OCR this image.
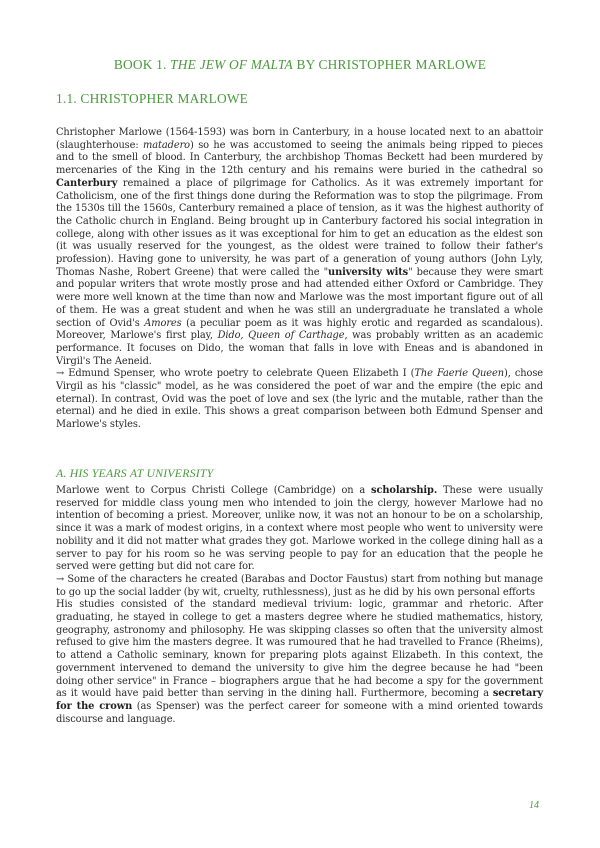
BOOK 1. THE JEW OF MALTA BY CHRISTOPHER MARLOWE
1.1. CHRISTOPHER MARLOWE

Christopher Marlowe (1564-1593) was born in Canterbury, in a house located next to an abattoir (slaughterhouse: matadero) so he was accustomed to seeing the animals being ripped to pieces and to the smell of blood. In Canterbury, the archbishop Thomas Beckett had been murdered by mercenaries of the King in the 12th century and his remains were buried in the cathedral so Canterbury remained a place of pilgrimage for Catholics. As it was extremely important for Catholicism, one of the first things done during the Reformation was to stop the pilgrimage. From the 1530s till the 1560s, Canterbury remained a place of tension, as it was the highest authority of the Catholic church in England. Being brought up in Canterbury factored his social integration in college, along with other issues as it was exceptional for him to get an education as the eldest son (it was usually reserved for the youngest, as the oldest were trained to follow their father's profession). Having gone to university, he was part of a generation of young authors (John Lyly, Thomas Nashe, Robert Greene) that were called the "university wits" because they were smart and popular writers that wrote mostly prose and had attended either Oxford or Cambridge. They were more well known at the time than now and Marlowe was the most important figure out of all of them. He was a great student and when he was still an undergraduate he translated a whole section of Ovid's Amores (a peculiar poem as it was highly erotic and regarded as scandalous). Moreover, Marlowe's first play, Dido, Queen of Carthage, was probably written as an academic performance. It focuses on Dido, the woman that falls in love with Eneas and is abandoned in Virgil's The Aeneid.

→ Edmund Spenser, who wrote poetry to celebrate Queen Elizabeth I (The Faerie Queen), chose Virgil as his "classic" model, as he was considered the poet of war and the empire (the epic and eternal). In contrast, Ovid was the poet of love and sex (the lyric and the mutable, rather than the eternal) and he died in exile. This shows a great comparison between both Edmund Spenser and Marlowe's styles.

A. HIS YEARS AT UNIVERSITY

Marlowe went to Corpus Christi College (Cambridge) on a scholarship. These were usually reserved for middle class young men who intended to join the clergy, however Marlowe had no intention of becoming a priest. Moreover, unlike now, it was not an honour to be on a scholarship, since it was a mark of modest origins, in a context where most people who went to university were nobility and it did not matter what grades they got. Marlowe worked in the college dining hall as a server to pay for his room so he was serving people to pay for an education that the people he served were getting but did not care for.

→ Some of the characters he created (Barabas and Doctor Faustus) start from nothing but manage to go up the social ladder (by wit, cruelty, ruthlessness), just as he did by his own personal efforts

His studies consisted of the standard medieval trivium: logic, grammar and rhetoric. After graduating, he stayed in college to get a masters degree where he studied mathematics, history, geography, astronomy and philosophy. He was skipping classes so often that the university almost refused to give him the masters degree. It was rumoured that he had travelled to France (Rheims), to attend a Catholic seminary, known for preparing plots against Elizabeth. In this context, the government intervened to demand the university to give him the degree because he had "been doing other service" in France – biographers argue that he had become a spy for the government as it would have paid better than serving in the dining hall. Furthermore, becoming a secretary for the crown (as Spenser) was the perfect career for someone with a mind oriented towards discourse and language.

14
